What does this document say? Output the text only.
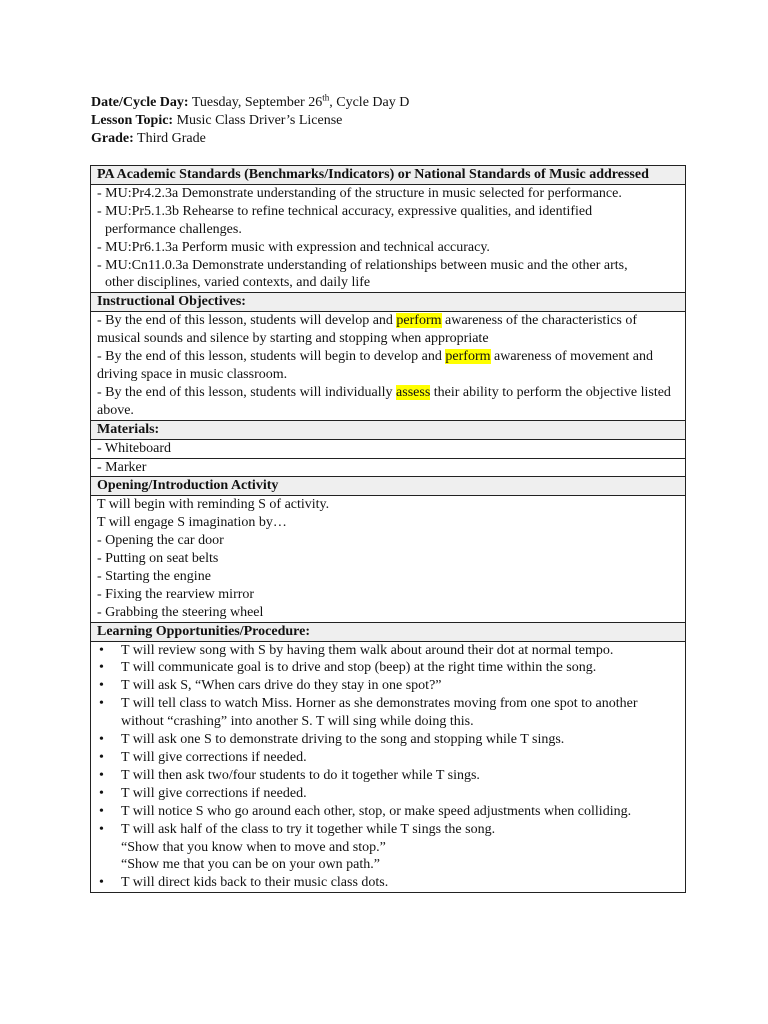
Date/Cycle Day: Tuesday, September 26th, Cycle Day D
Lesson Topic: Music Class Driver’s License
Grade: Third Grade
PA Academic Standards (Benchmarks/Indicators) or National Standards of Music addressed

- MU:Pr4.2.3a Demonstrate understanding of the structure in music selected for performance.
- MU:Pr5.1.3b Rehearse to refine technical accuracy, expressive qualities, and identified
performance challenges.
- MU:Pr6.1.3a Perform music with expression and technical accuracy.
- MU:Cn11.0.3a Demonstrate understanding of relationships between music and the other arts,
other disciplines, varied contexts, and daily life

Instructional Objectives:

- By the end of this lesson, students will develop and perform awareness of the characteristics of musical sounds and silence by starting and stopping when appropriate
- By the end of this lesson, students will begin to develop and perform awareness of movement and driving space in music classroom.
- By the end of this lesson, students will individually assess their ability to perform the objective listed above.

Materials:
- Whiteboard
- Marker
Opening/Introduction Activity

T will begin with reminding S of activity.
T will engage S imagination by…
- Opening the car door
- Putting on seat belts
- Starting the engine
- Fixing the rearview mirror
- Grabbing the steering wheel

Learning Opportunities/Procedure:

• T will review song with S by having them walk about around their dot at normal tempo.
• T will communicate goal is to drive and stop (beep) at the right time within the song.
• T will ask S, “When cars drive do they stay in one spot?”
• T will tell class to watch Miss. Horner as she demonstrates moving from one spot to another without “crashing” into another S. T will sing while doing this.
• T will ask one S to demonstrate driving to the song and stopping while T sings.
• T will give corrections if needed.
• T will then ask two/four students to do it together while T sings.
• T will give corrections if needed.
• T will notice S who go around each other, stop, or make speed adjustments when colliding.
• T will ask half of the class to try it together while T sings the song.
“Show that you know when to move and stop.”
“Show me that you can be on your own path.”
• T will direct kids back to their music class dots.
